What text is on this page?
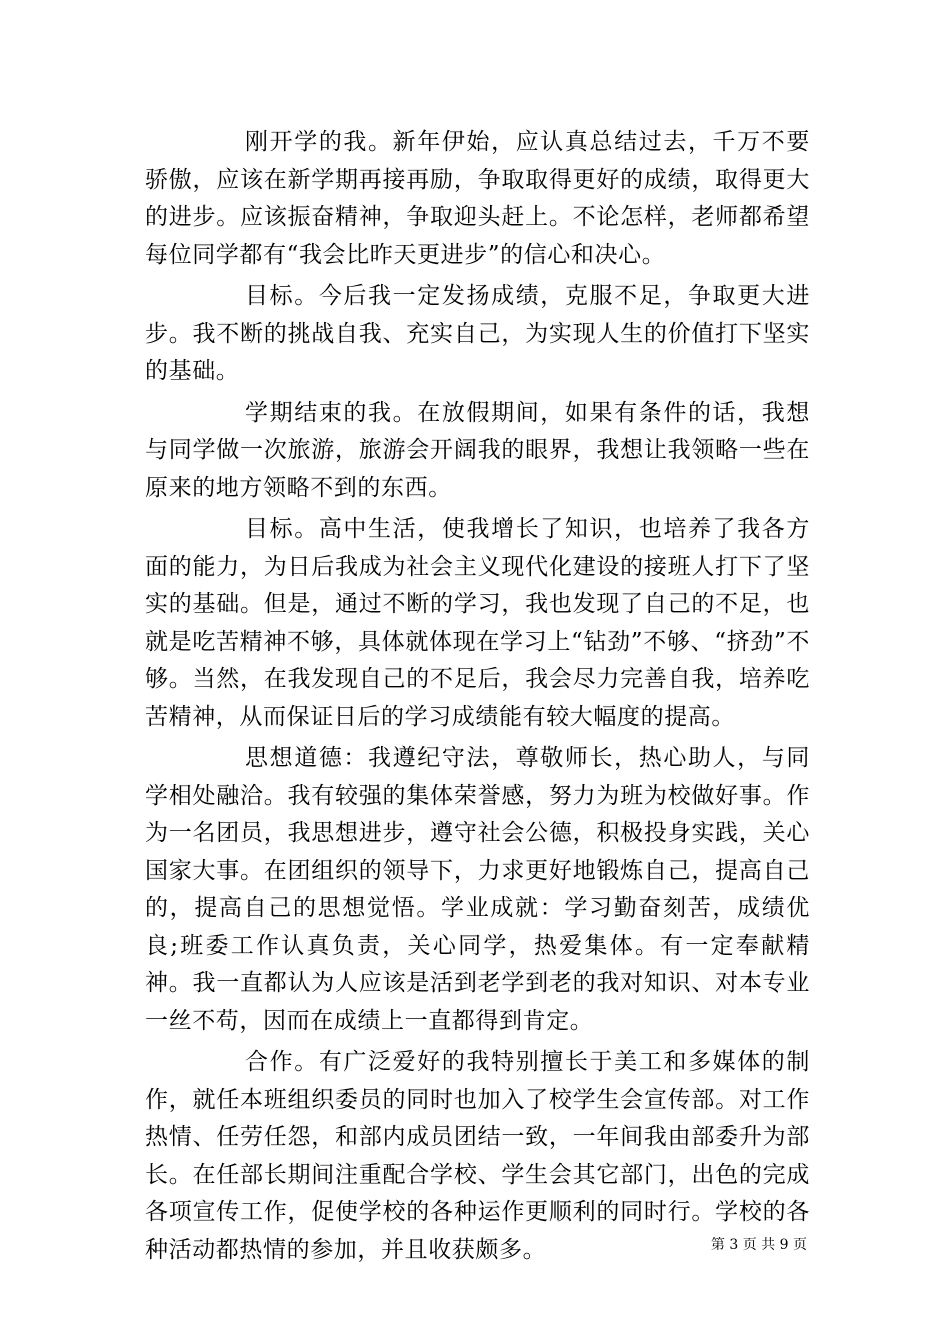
刚开学的我。新年伊始，应认真总结过去，千万不要骄傲，应该在新学期再接再励，争取取得更好的成绩，取得更大的进步。应该振奋精神，争取迎头赶上。不论怎样，老师都希望每位同学都有“我会比昨天更进步”的信心和决心。

目标。今后我一定发扬成绩，克服不足，争取更大进步。我不断的挑战自我、充实自己，为实现人生的价值打下坚实的基础。

学期结束的我。在放假期间，如果有条件的话，我想与同学做一次旅游，旅游会开阔我的眼界，我想让我领略一些在原来的地方领略不到的东西。

目标。高中生活，使我增长了知识，也培养了我各方面的能力，为日后我成为社会主义现代化建设的接班人打下了坚实的基础。但是，通过不断的学习，我也发现了自己的不足，也就是吃苦精神不够，具体就体现在学习上“钻劲”不够、“挤劲”不够。当然，在我发现自己的不足后，我会尽力完善自我，培养吃苦精神，从而保证日后的学习成绩能有较大幅度的提高。

思想道德：我遵纪守法，尊敬师长，热心助人，与同学相处融洽。我有较强的集体荣誉感，努力为班为校做好事。作为一名团员，我思想进步，遵守社会公德，积极投身实践，关心国家大事。在团组织的领导下，力求更好地锻炼自己，提高自己的，提高自己的思想觉悟。学业成就：学习勤奋刻苦，成绩优良;班委工作认真负责，关心同学，热爱集体。有一定奉献精神。我一直都认为人应该是活到老学到老的我对知识、对本专业一丝不苟，因而在成绩上一直都得到肯定。

合作。有广泛爱好的我特别擅长于美工和多媒体的制作，就任本班组织委员的同时也加入了校学生会宣传部。对工作热情、任劳任怨，和部内成员团结一致，一年间我由部委升为部长。在任部长期间注重配合学校、学生会其它部门，出色的完成各项宣传工作，促使学校的各种运作更顺利的同时行。学校的各种活动都热情的参加，并且收获颇多。	第 3 页 共 9 页
